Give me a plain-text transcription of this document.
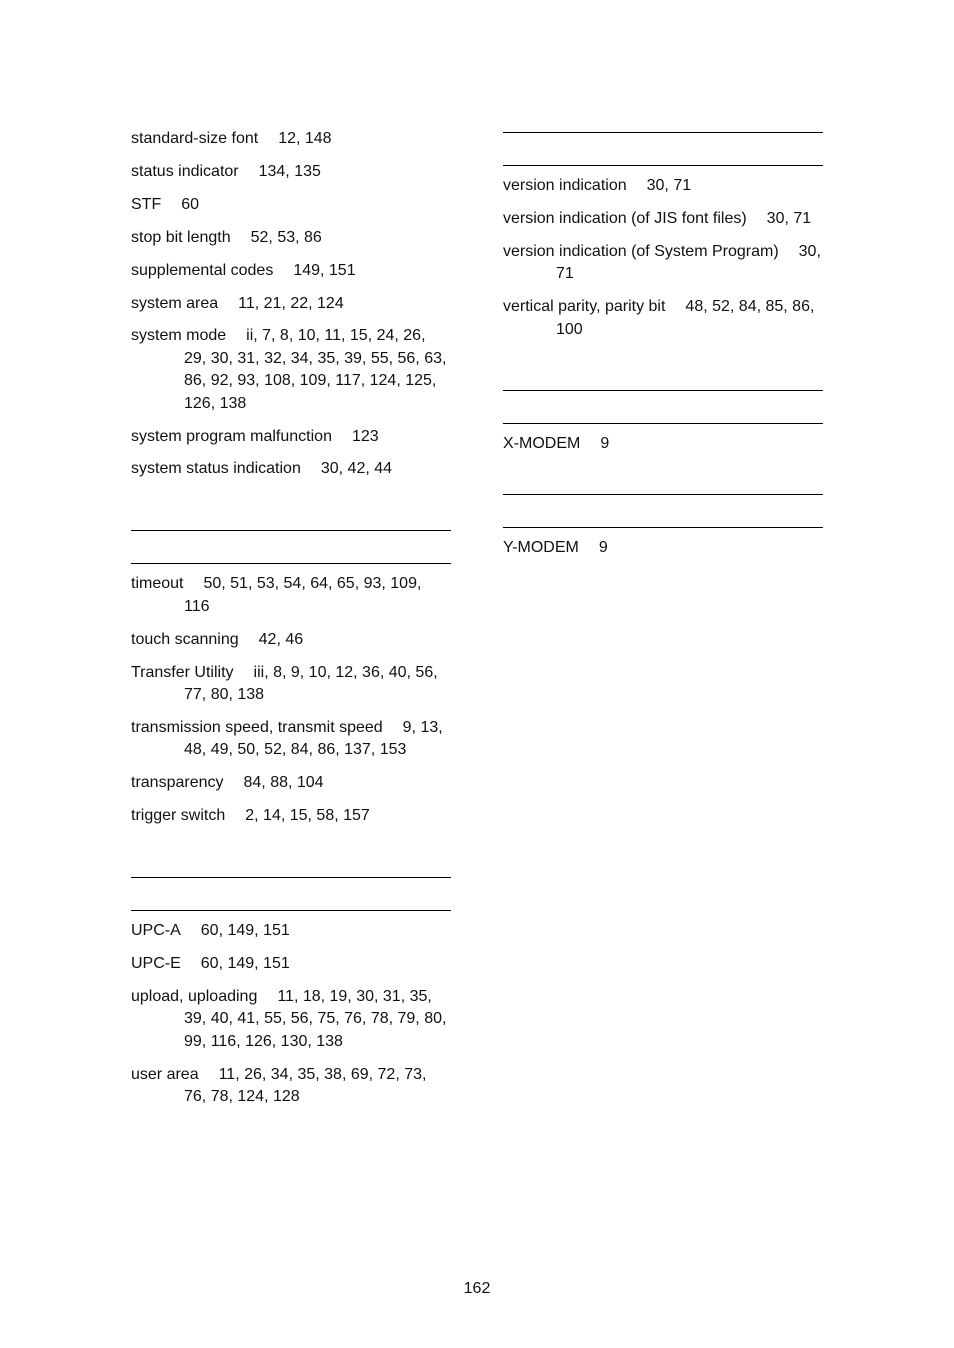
standard-size font 12, 148
status indicator 134, 135
STF 60
stop bit length 52, 53, 86
supplemental codes 149, 151
system area 11, 21, 22, 124
system mode ii, 7, 8, 10, 11, 15, 24, 26, 29, 30, 31, 32, 34, 35, 39, 55, 56, 63, 86, 92, 93, 108, 109, 117, 124, 125, 126, 138
system program malfunction 123
system status indication 30, 42, 44
timeout 50, 51, 53, 54, 64, 65, 93, 109, 116
touch scanning 42, 46
Transfer Utility iii, 8, 9, 10, 12, 36, 40, 56, 77, 80, 138
transmission speed, transmit speed 9, 13, 48, 49, 50, 52, 84, 86, 137, 153
transparency 84, 88, 104
trigger switch 2, 14, 15, 58, 157
UPC-A 60, 149, 151
UPC-E 60, 149, 151
upload, uploading 11, 18, 19, 30, 31, 35, 39, 40, 41, 55, 56, 75, 76, 78, 79, 80, 99, 116, 126, 130, 138
user area 11, 26, 34, 35, 38, 69, 72, 73, 76, 78, 124, 128
version indication 30, 71
version indication (of JIS font files) 30, 71
version indication (of System Program) 30, 71
vertical parity, parity bit 48, 52, 84, 85, 86, 100
X-MODEM 9
Y-MODEM 9
162
